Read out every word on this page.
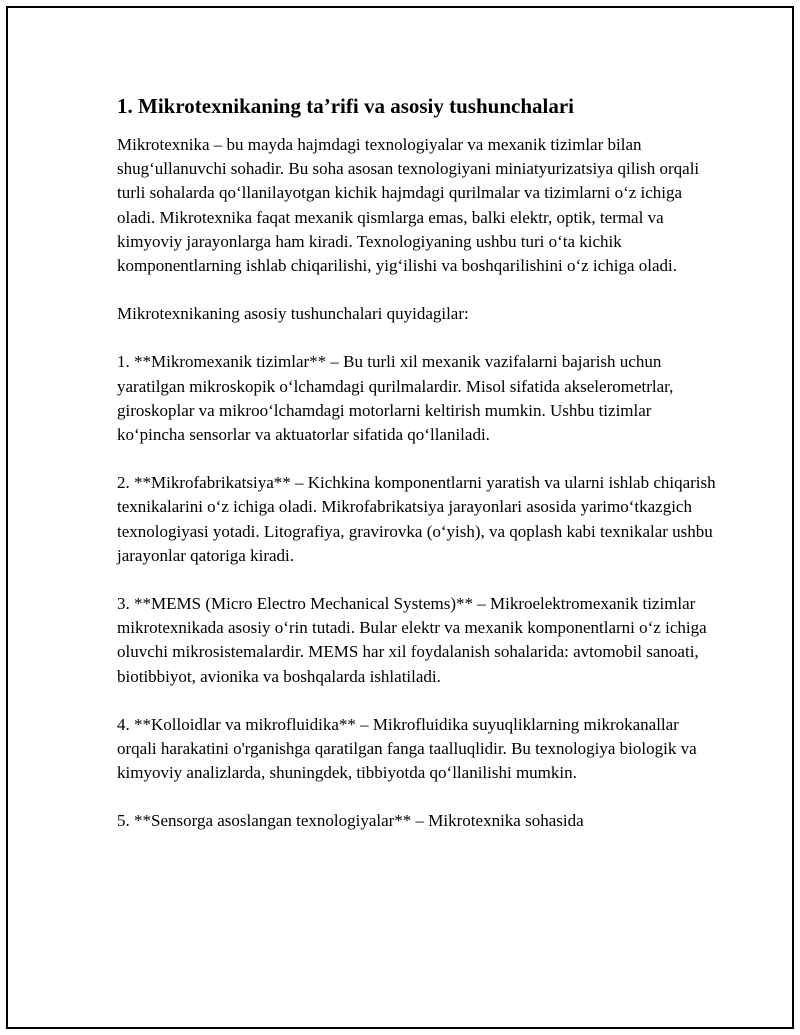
1. Mikrotexnikaning ta’rifi va asosiy tushunchalari

Mikrotexnika – bu mayda hajmdagi texnologiyalar va mexanik tizimlar bilan shug‘ullanuvchi sohadir. Bu soha asosan texnologiyani miniatyurizatsiya qilish orqali turli sohalarda qo‘llanilayotgan kichik hajmdagi qurilmalar va tizimlarni o‘z ichiga oladi. Mikrotexnika faqat mexanik qismlarga emas, balki elektr, optik, termal va kimyoviy jarayonlarga ham kiradi. Texnologiyaning ushbu turi o‘ta kichik komponentlarning ishlab chiqarilishi, yig‘ilishi va boshqarilishini o‘z ichiga oladi.

Mikrotexnikaning asosiy tushunchalari quyidagilar:

1. **Mikromexanik tizimlar** – Bu turli xil mexanik vazifalarni bajarish uchun yaratilgan mikroskopik o‘lchamdagi qurilmalardir. Misol sifatida akselerometrlar, giroskoplar va mikroo‘lchamdagi motorlarni keltirish mumkin. Ushbu tizimlar ko‘pincha sensorlar va aktuatorlar sifatida qo‘llaniladi.

2. **Mikrofabrikatsiya** – Kichkina komponentlarni yaratish va ularni ishlab chiqarish texnikalarini o‘z ichiga oladi. Mikrofabrikatsiya jarayonlari asosida yarimo‘tkazgich texnologiyasi yotadi. Litografiya, gravirovka (o‘yish), va qoplash kabi texnikalar ushbu jarayonlar qatoriga kiradi.

3. **MEMS (Micro Electro Mechanical Systems)** – Mikroelektromexanik tizimlar mikrotexnikada asosiy o‘rin tutadi. Bular elektr va mexanik komponentlarni o‘z ichiga oluvchi mikrosistemalardir. MEMS har xil foydalanish sohalarida: avtomobil sanoati, biotibbiyot, avionika va boshqalarda ishlatiladi.

4. **Kolloidlar va mikrofluidika** – Mikrofluidika suyuqliklarning mikrokanallar orqali harakatini o'rganishga qaratilgan fanga taalluqlidir. Bu texnologiya biologik va kimyoviy analizlarda, shuningdek, tibbiyotda qo‘llanilishi mumkin.

5. **Sensorga asoslangan texnologiyalar** – Mikrotexnika sohasida
